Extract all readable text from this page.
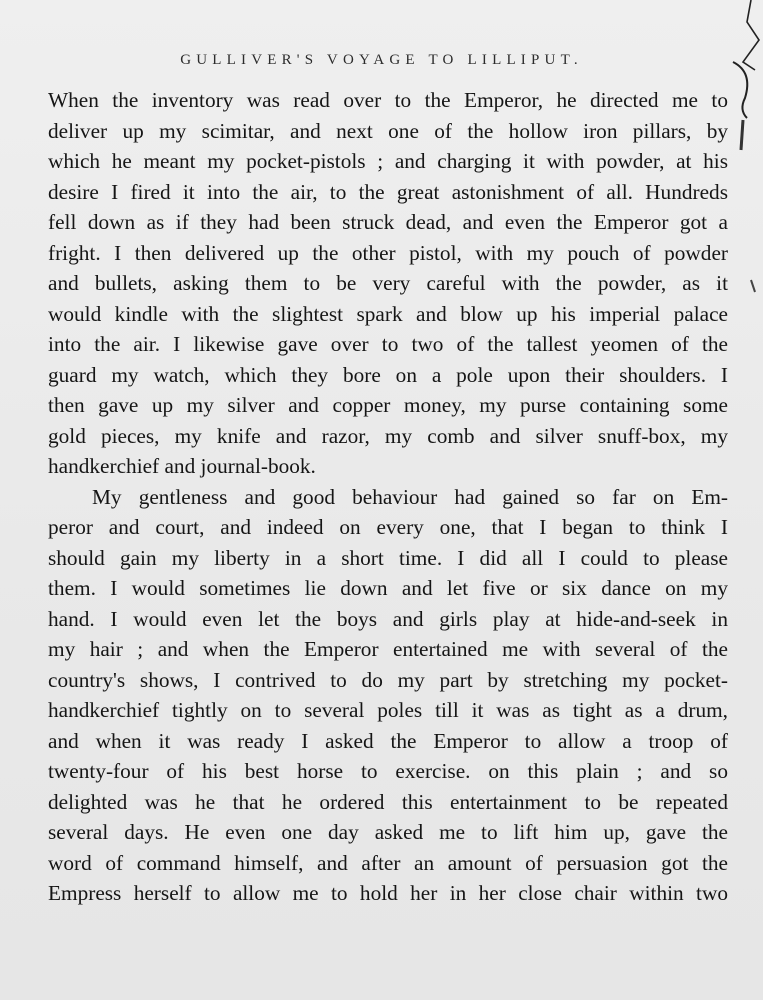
GULLIVER'S VOYAGE TO LILLIPUT.
When the inventory was read over to the Emperor, he directed me to
deliver up my scimitar, and next one of the hollow iron pillars, by
which he meant my pocket-pistols ; and charging it with powder, at his
desire I fired it into the air, to the great astonishment of all. Hundreds
fell down as if they had been struck dead, and even the Emperor got a
fright. I then delivered up the other pistol, with my pouch of powder
and bullets, asking them to be very careful with the powder, as it
would kindle with the slightest spark and blow up his imperial palace
into the air. I likewise gave over to two of the tallest yeomen of the
guard my watch, which they bore on a pole upon their shoulders. I
then gave up my silver and copper money, my purse containing some
gold pieces, my knife and razor, my comb and silver snuff-box, my
handkerchief and journal-book.
My gentleness and good behaviour had gained so far on Em-
peror and court, and indeed on every one, that I began to think I
should gain my liberty in a short time. I did all I could to please
them. I would sometimes lie down and let five or six dance on my
hand. I would even let the boys and girls play at hide-and-seek in
my hair ; and when the Emperor entertained me with several of the
country's shows, I contrived to do my part by stretching my pocket-
handkerchief tightly on to several poles till it was as tight as a drum,
and when it was ready I asked the Emperor to allow a troop of
twenty-four of his best horse to exercise. on this plain ; and so
delighted was he that he ordered this entertainment to be repeated
several days. He even one day asked me to lift him up, gave the
word of command himself, and after an amount of persuasion got the
Empress herself to allow me to hold her in her close chair within two
